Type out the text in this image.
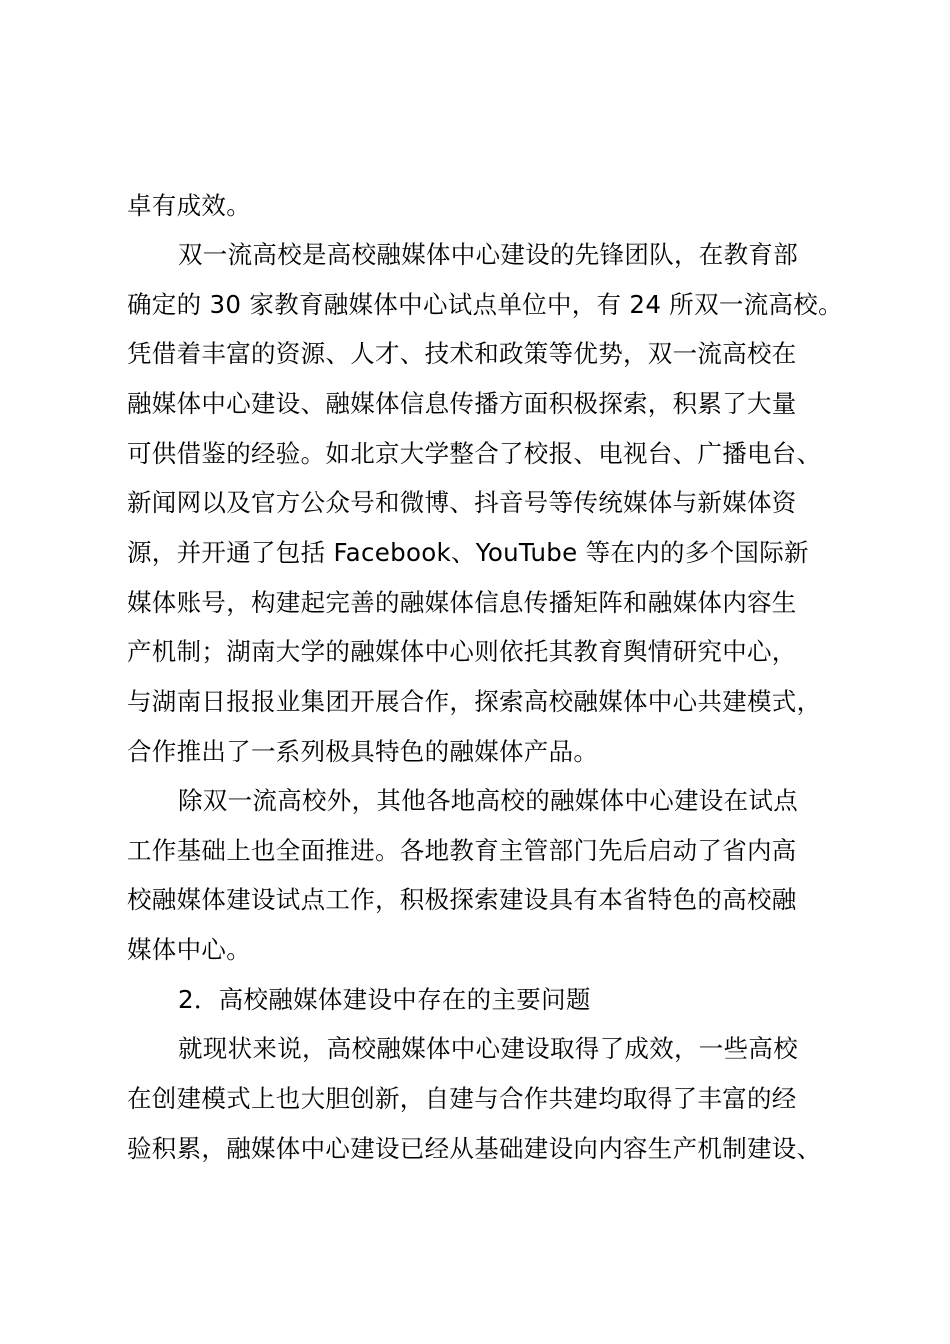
卓有成效。
双一流高校是高校融媒体中心建设的先锋团队，在教育部
确定的 30 家教育融媒体中心试点单位中，有 24 所双一流高校。
凭借着丰富的资源、人才、技术和政策等优势，双一流高校在
融媒体中心建设、融媒体信息传播方面积极探索，积累了大量
可供借鉴的经验。如北京大学整合了校报、电视台、广播电台、
新闻网以及官方公众号和微博、抖音号等传统媒体与新媒体资
源，并开通了包括 Facebook、YouTube 等在内的多个国际新
媒体账号，构建起完善的融媒体信息传播矩阵和融媒体内容生
产机制；湖南大学的融媒体中心则依托其教育舆情研究中心，
与湖南日报报业集团开展合作，探索高校融媒体中心共建模式，
合作推出了一系列极具特色的融媒体产品。
除双一流高校外，其他各地高校的融媒体中心建设在试点
工作基础上也全面推进。各地教育主管部门先后启动了省内高
校融媒体建设试点工作，积极探索建设具有本省特色的高校融
媒体中心。
2．高校融媒体建设中存在的主要问题
就现状来说，高校融媒体中心建设取得了成效，一些高校
在创建模式上也大胆创新，自建与合作共建均取得了丰富的经
验积累，融媒体中心建设已经从基础建设向内容生产机制建设、
